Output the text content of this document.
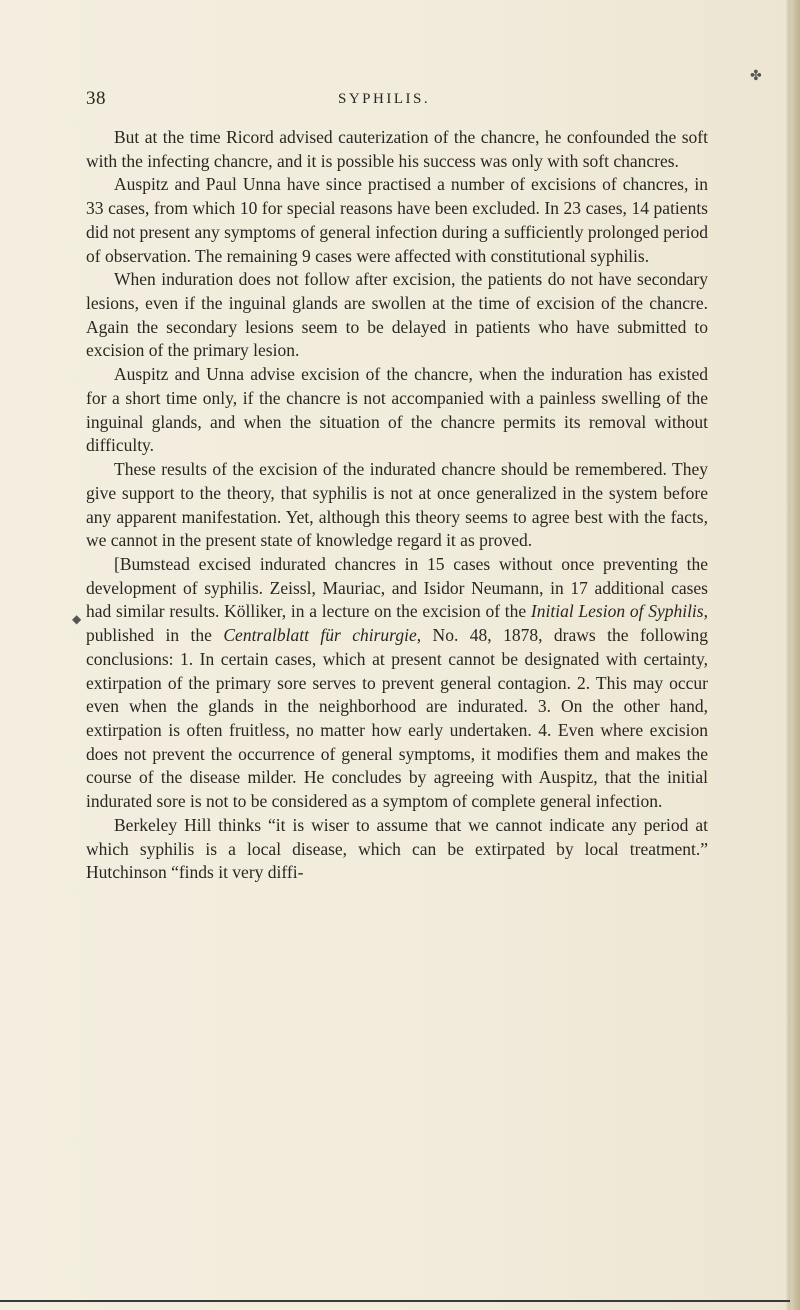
✤
◆
38	SYPHILIS.

But at the time Ricord advised cauterization of the chancre, he confounded the soft with the infecting chancre, and it is possible his success was only with soft chancres.

Auspitz and Paul Unna have since practised a number of excisions of chancres, in 33 cases, from which 10 for special reasons have been excluded. In 23 cases, 14 patients did not present any symptoms of general infection during a sufficiently prolonged period of observation. The remaining 9 cases were affected with constitutional syphilis.

When induration does not follow after excision, the patients do not have secondary lesions, even if the inguinal glands are swollen at the time of excision of the chancre. Again the secondary lesions seem to be delayed in patients who have submitted to excision of the primary lesion.

Auspitz and Unna advise excision of the chancre, when the induration has existed for a short time only, if the chancre is not accompanied with a painless swelling of the inguinal glands, and when the situation of the chancre permits its removal without difficulty.

These results of the excision of the indurated chancre should be remembered. They give support to the theory, that syphilis is not at once generalized in the system before any apparent manifestation. Yet, although this theory seems to agree best with the facts, we cannot in the present state of knowledge regard it as proved.

[Bumstead excised indurated chancres in 15 cases without once preventing the development of syphilis. Zeissl, Mauriac, and Isidor Neumann, in 17 additional cases had similar results. Kölliker, in a lecture on the excision of the Initial Lesion of Syphilis, published in the Centralblatt für chirurgie, No. 48, 1878, draws the following conclusions: 1. In certain cases, which at present cannot be designated with certainty, extirpation of the primary sore serves to prevent general contagion. 2. This may occur even when the glands in the neighborhood are indurated. 3. On the other hand, extirpation is often fruitless, no matter how early undertaken. 4. Even where excision does not prevent the occurrence of general symptoms, it modifies them and makes the course of the disease milder. He concludes by agreeing with Auspitz, that the initial indurated sore is not to be considered as a symptom of complete general infection.

Berkeley Hill thinks “it is wiser to assume that we cannot indicate any period at which syphilis is a local disease, which can be extirpated by local treatment.” Hutchinson “finds it very diffi-
